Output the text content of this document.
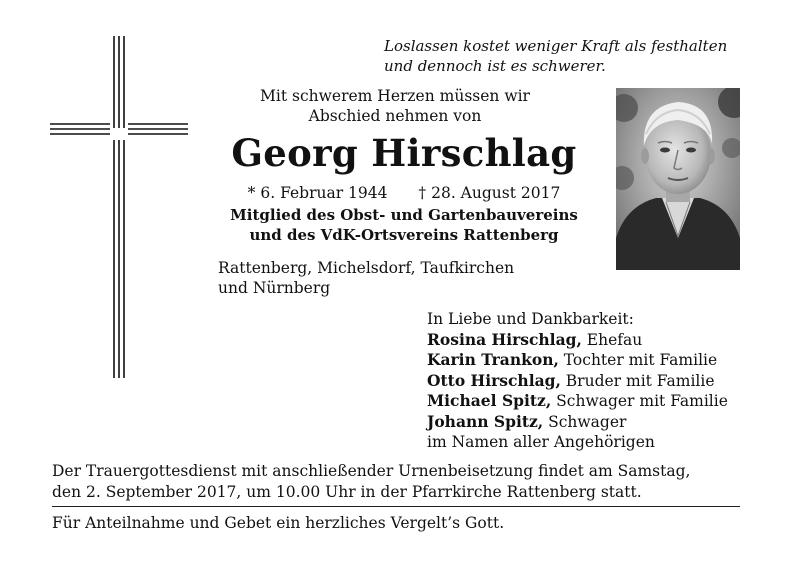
Loslassen kostet weniger Kraft als festhalten
und dennoch ist es schwerer.
Mit schwerem Herzen müssen wir
Abschied nehmen von
Georg Hirschlag
* 6. Februar 1944 † 28. August 2017
Mitglied des Obst- und Gartenbauvereins
und des VdK-Ortsvereins Rattenberg
Rattenberg, Michelsdorf, Taufkirchen
und Nürnberg
In Liebe und Dankbarkeit:
Rosina Hirschlag, Ehefau
Karin Trankon, Tochter mit Familie
Otto Hirschlag, Bruder mit Familie
Michael Spitz, Schwager mit Familie
Johann Spitz, Schwager
im Namen aller Angehörigen
Der Trauergottesdienst mit anschließender Urnenbeisetzung findet am Samstag,
den 2. September 2017, um 10.00 Uhr in der Pfarrkirche Rattenberg statt.
Für Anteilnahme und Gebet ein herzliches Vergelt’s Gott.
